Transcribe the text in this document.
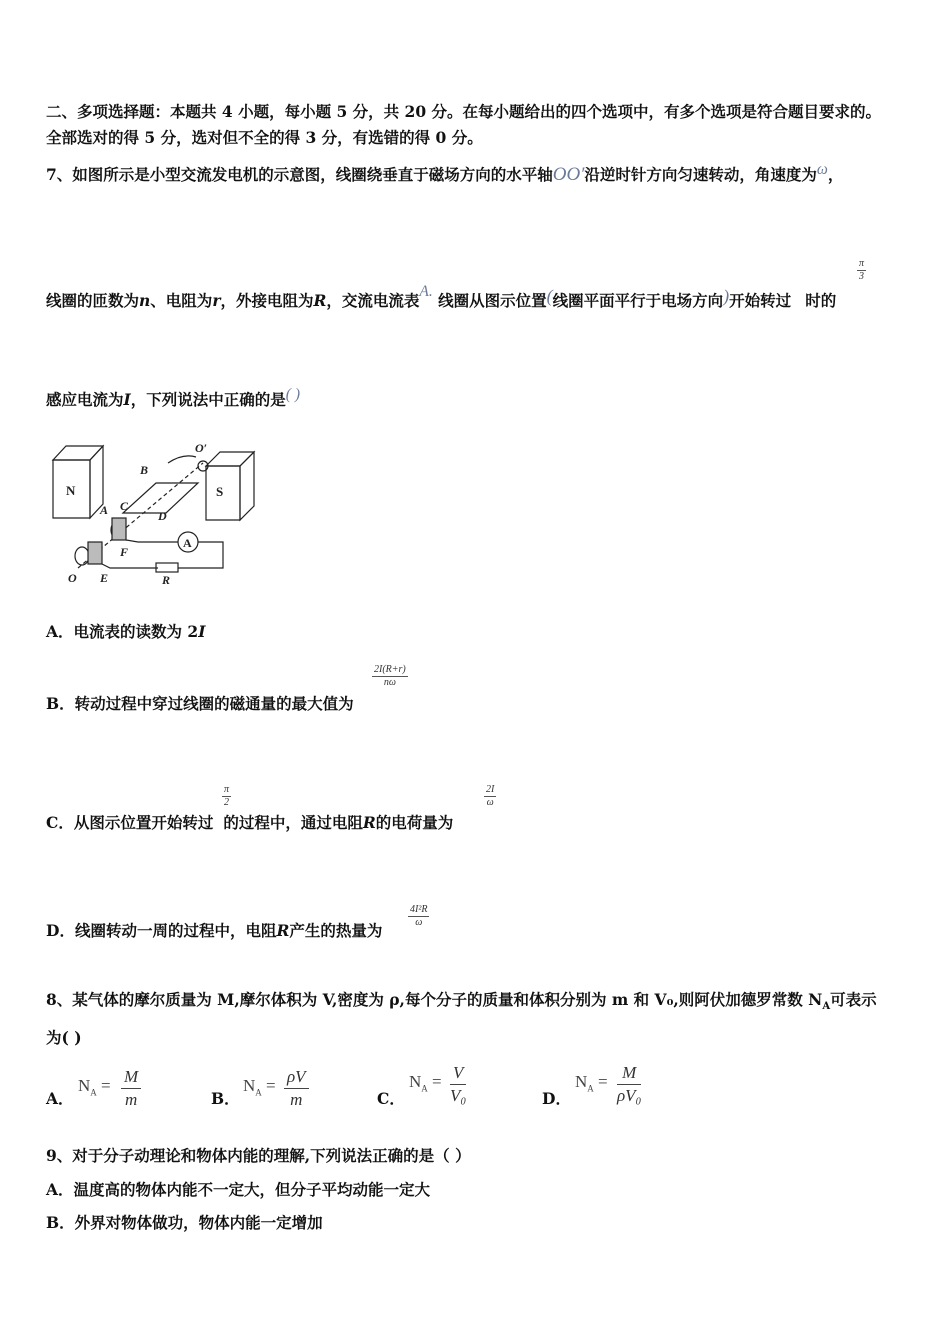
二、多项选择题：本题共 4 小题，每小题 5 分，共 20 分。在每小题给出的四个选项中，有多个选项是符合题目要求的。
全部选对的得 5 分，选对但不全的得 3 分，有选错的得 0 分。
7、如图所示是小型交流发电机的示意图，线圈绕垂直于磁场方向的水平轴OO′沿逆时针方向匀速转动，角速度为ω，
线圈的匝数为n、电阻为r，外接电阻为R，交流电流表A. 线圈从图示位置(线圈平面平行于电场方向)开始转过 时的
$\frac{\pi}{3}$
感应电流为I，下列说法中正确的是( )
N	S
O′
B
A C
D
A
F
O E	R
A．电流表的读数为 2I
B．转动过程中穿过线圈的磁通量的最大值为
$\frac{2I(R+r)}{n\omega}$
C．从图示位置开始转过 的过程中，通过电阻R的电荷量为
$\frac{\pi}{2}$	$\frac{2I}{\omega}$
D．线圈转动一周的过程中，电阻R产生的热量为
$\frac{\text{4I²R}}{\omega}$
8、某气体的摩尔质量为 M,摩尔体积为 V,密度为 ρ,每个分子的质量和体积分别为 m 和 V₀,则阿伏加德罗常数 $N_A$可表示
为( )
A．
$N_A = \frac{M}{m}$	B．
$N_A = \frac{\rho V}{m}$	C．
$N_A = \frac{V}{\text{V₀}}$	D．
$N_A = \frac{M}{\text{ρV₀}}$
9、对于分子动理论和物体内能的理解,下列说法正确的是（ ）
A．温度高的物体内能不一定大，但分子平均动能一定大
B．外界对物体做功，物体内能一定增加
